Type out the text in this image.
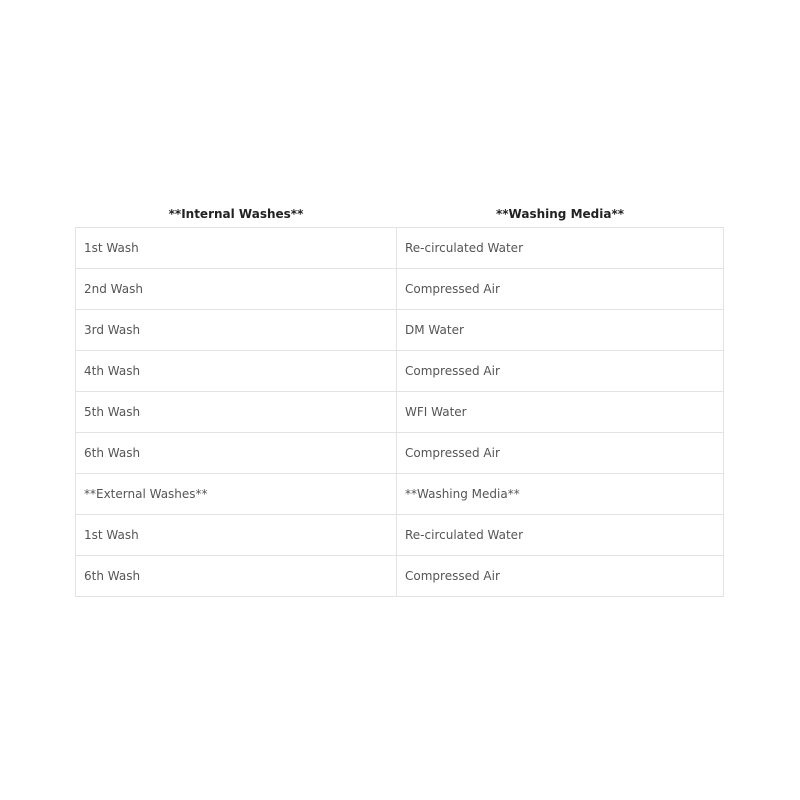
**Internal Washes**	**Washing Media**
1st Wash	Re-circulated Water
2nd Wash	Compressed Air
3rd Wash	DM Water
4th Wash	Compressed Air
5th Wash	WFI Water
6th Wash	Compressed Air
**External Washes**	**Washing Media**
1st Wash	Re-circulated Water
6th Wash	Compressed Air
